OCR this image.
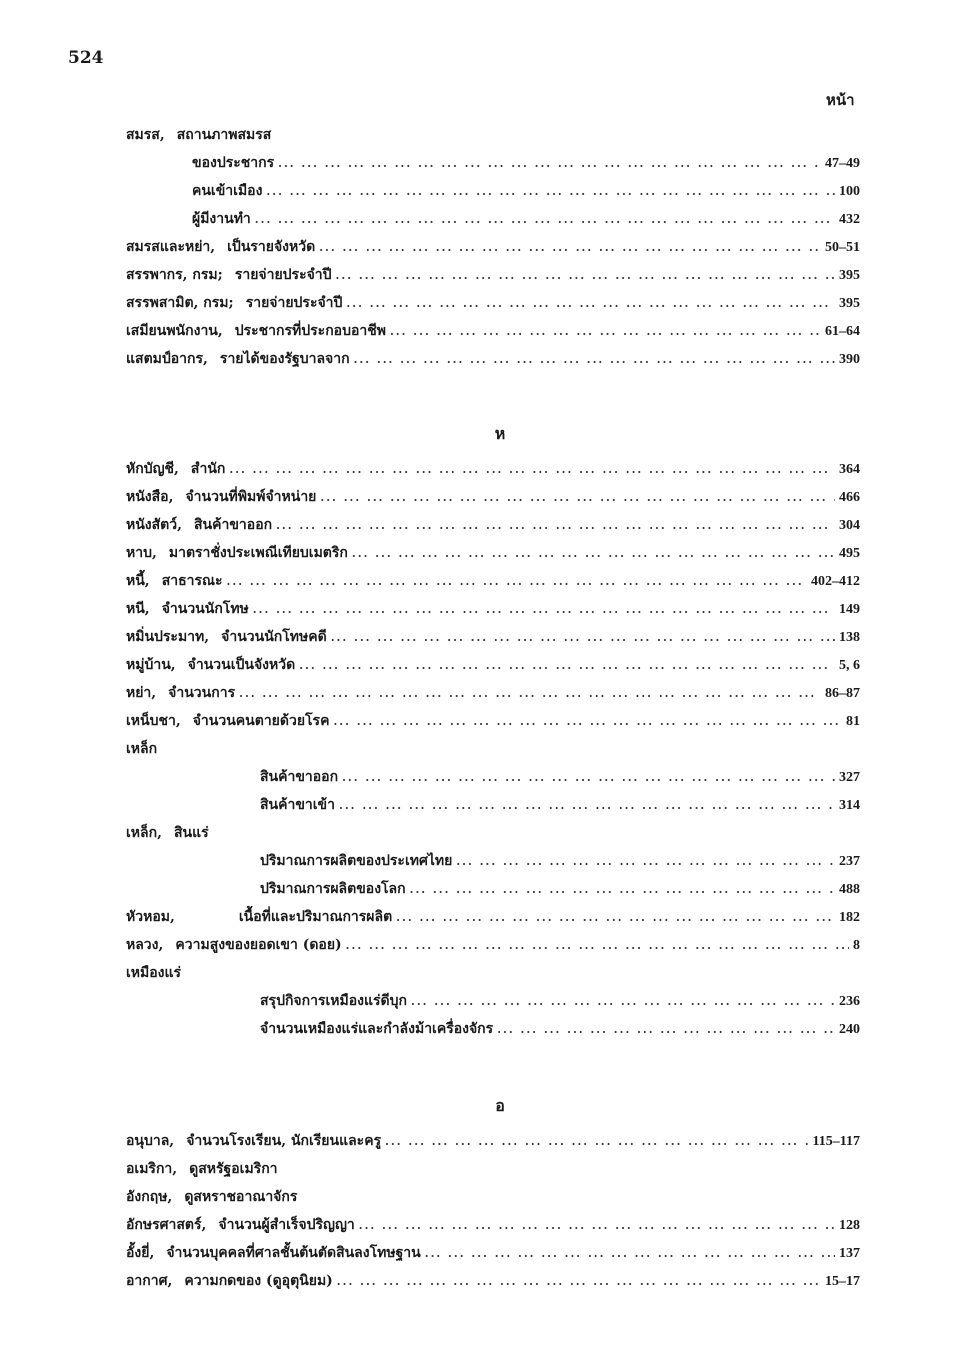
524
หน้า
สมรส, สถานภาพสมรส
ของประชากร ... .	47–49
คนเข้าเมือง ... .	100
ผู้มีงานทำ ... .	432
สมรสและหย่า, เป็นรายจังหวัด ... .	50–51
สรรพากร, กรม; รายจ่ายประจำปี ... .	395
สรรพสามิต, กรม; รายจ่ายประจำปี ... .	395
เสมียนพนักงาน, ประชากรที่ประกอบอาชีพ ... .	61–64
แสตมป์อากร, รายได้ของรัฐบาลจาก ... .	390
ห
หักบัญชี, สำนัก ... .	364
หนังสือ, จำนวนที่พิมพ์จำหน่าย ... .	466
หนังสัตว์, สินค้าขาออก ... .	304
หาบ, มาตราชั่งประเพณีเทียบเมตริก ... .	495
หนี้, สาธารณะ ... .	402–412
หนี, จำนวนนักโทษ ... .	149
หมิ่นประมาท, จำนวนนักโทษคดี ... .	138
หมู่บ้าน, จำนวนเป็นจังหวัด ... .	5, 6
หย่า, จำนวนการ ... .	86–87
เหน็บชา, จำนวนคนตายด้วยโรค ... .	81
เหล็ก
สินค้าขาออก ... .	327
สินค้าขาเข้า ... .	314
เหล็ก, สินแร่
ปริมาณการผลิตของประเทศไทย ... .	237
ปริมาณการผลิตของโลก ... .	488
หัวหอม,	เนื้อที่และปริมาณการผลิต ... .	182
หลวง, ความสูงของยอดเขา (ดอย) ... .	8
เหมืองแร่
สรุปกิจการเหมืองแร่ดีบุก ... .	236
จำนวนเหมืองแร่และกำลังม้าเครื่องจักร ... .	240
อ
อนุบาล, จำนวนโรงเรียน, นักเรียนและครู ... .	115–117
อเมริกา, ดูสหรัฐอเมริกา
อังกฤษ, ดูสหราชอาณาจักร
อักษรศาสตร์, จำนวนผู้สำเร็จปริญญา ... .	128
อั้งยี่, จำนวนบุคคลที่ศาลชั้นต้นตัดสินลงโทษฐาน ... .	137
อากาศ, ความกดของ (ดูอุตุนิยม) ... .	15–17
